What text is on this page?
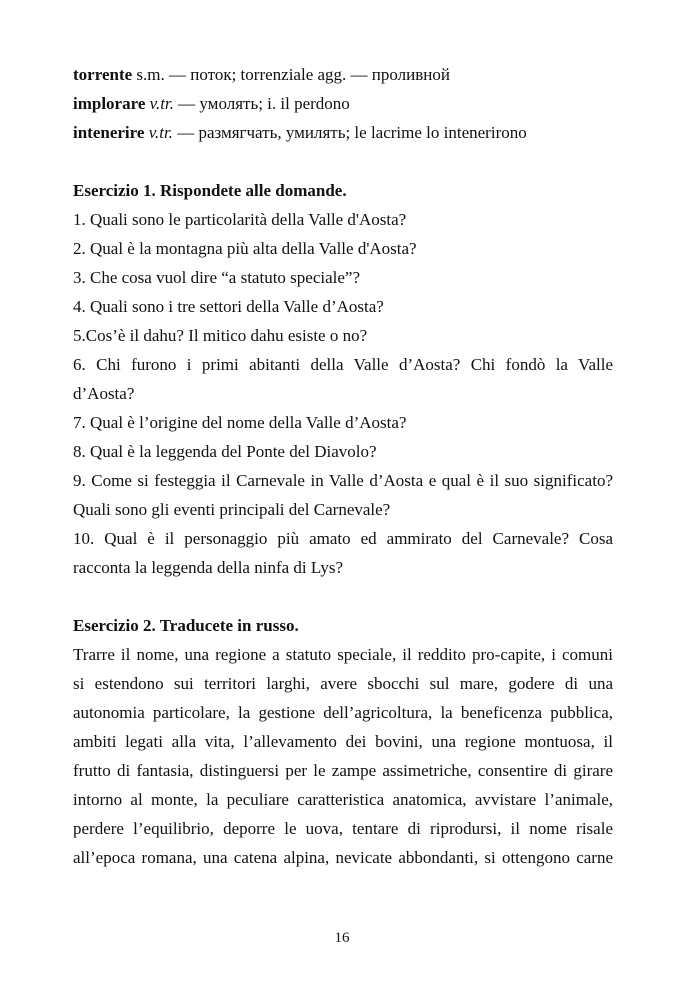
torrente s.m. — поток; torrenziale agg. — проливной
implorare v.tr. — умолять; i. il perdono
intenerire v.tr. — размягчать, умилять; le lacrime lo intenerirono
Esercizio 1. Rispondete alle domande.
1. Quali sono le particolarità della Valle d'Aosta?
2. Qual è la montagna più alta della Valle d'Aosta?
3. Che cosa vuol dire “a statuto speciale”?
4. Quali sono i tre settori della Valle d’Aosta?
5.Cos’è il dahu? Il mitico dahu esiste o no?
6. Chi furono i primi abitanti della Valle d’Aosta? Chi fondò la Valle
d’Aosta?
7. Qual è l’origine del nome della Valle d’Aosta?
8. Qual è la leggenda del Ponte del Diavolo?
9. Come si festeggia il Carnevale in Valle d’Aosta e qual è il suo significato?
Quali sono gli eventi principali del Carnevale?
10. Qual è il personaggio più amato ed ammirato del Carnevale? Cosa
racconta la leggenda della ninfa di Lys?
Esercizio 2. Traducete in russo.
Trarre il nome, una regione a statuto speciale, il reddito pro-capite, i comuni
si estendono sui territori larghi, avere sbocchi sul mare, godere di una
autonomia particolare, la gestione dell’agricoltura, la beneficenza pubblica,
ambiti legati alla vita, l’allevamento dei bovini, una regione montuosa, il
frutto di fantasia, distinguersi per le zampe assimetriche, consentire di girare
intorno al monte, la peculiare caratteristica anatomica, avvistare l’animale,
perdere l’equilibrio, deporre le uova, tentare di riprodursi, il nome risale
all’epoca romana, una catena alpina, nevicate abbondanti, si ottengono carne
16
